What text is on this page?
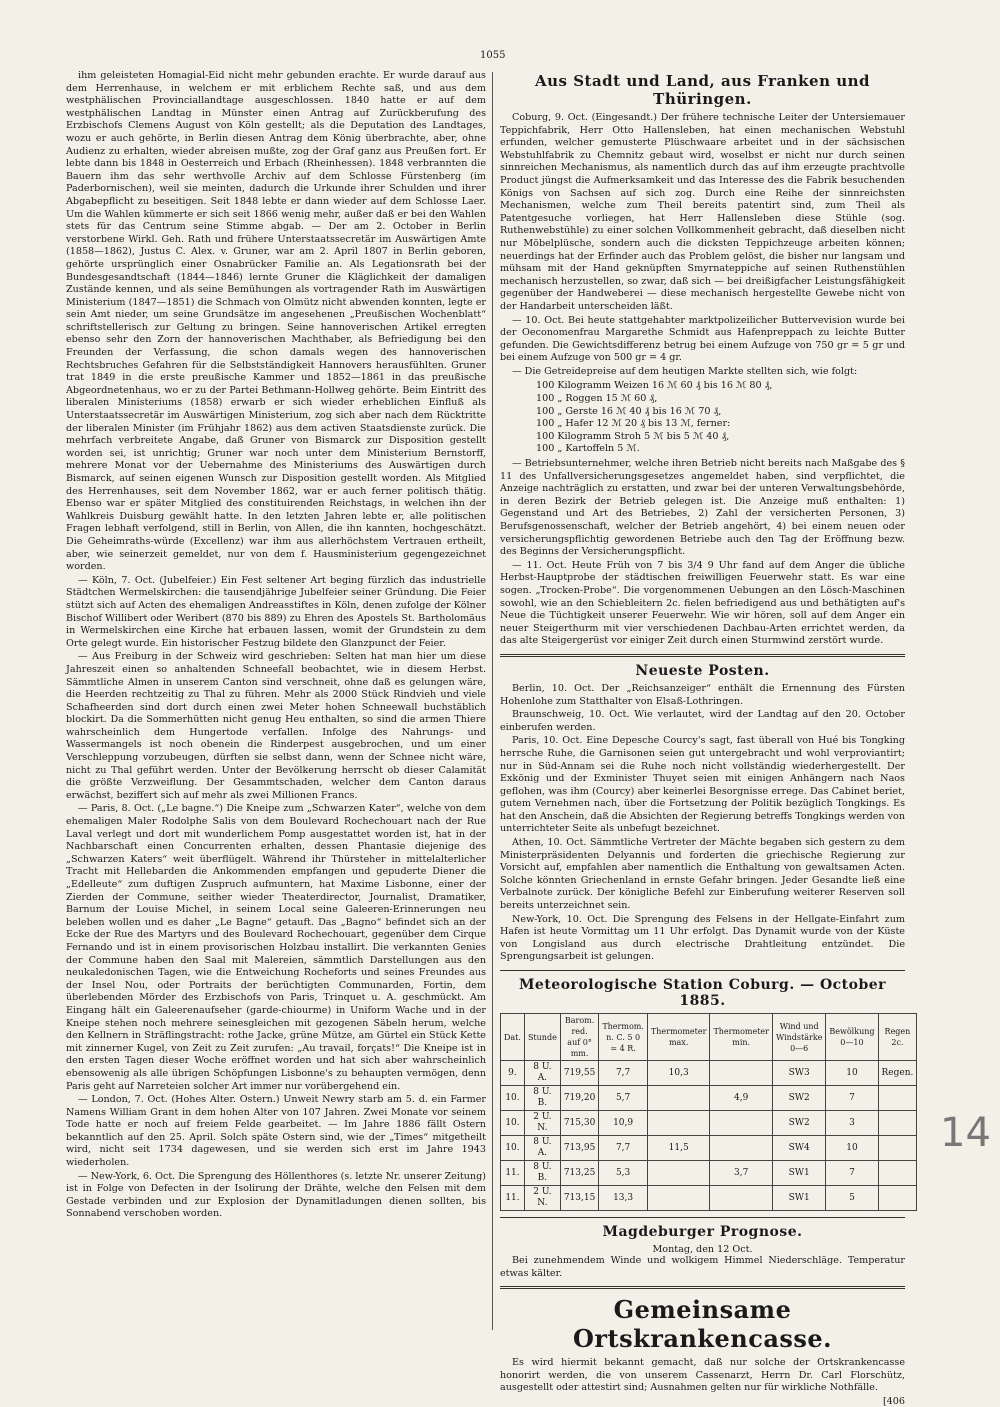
1055

ihm geleisteten Homagial-Eid nicht mehr gebunden erachte. Er wurde darauf aus dem Herrenhause, in welchem er mit erblichem Rechte saß, und aus dem westphälischen Provinciallandtage ausgeschlossen. 1840 hatte er auf dem westphälischen Landtag in Münster einen Antrag auf Zurückberufung des Erzbischofs Clemens August von Köln gestellt; als die Deputation des Landtages, wozu er auch gehörte, in Berlin diesen Antrag dem König überbrachte, aber, ohne Audienz zu erhalten, wieder abreisen mußte, zog der Graf ganz aus Preußen fort. Er lebte dann bis 1848 in Oesterreich und Erbach (Rheinhessen). 1848 verbrannten die Bauern ihm das sehr werthvolle Archiv auf dem Schlosse Fürstenberg (im Paderbornischen), weil sie meinten, dadurch die Urkunde ihrer Schulden und ihrer Abgabepflicht zu beseitigen. Seit 1848 lebte er dann wieder auf dem Schlosse Laer. Um die Wahlen kümmerte er sich seit 1866 wenig mehr, außer daß er bei den Wahlen stets für das Centrum seine Stimme abgab. — Der am 2. October in Berlin verstorbene Wirkl. Geh. Rath und frühere Unterstaatssecretär im Auswärtigen Amte (1858—1862), Justus C. Alex. v. Gruner, war am 2. April 1807 in Berlin geboren, gehörte ursprünglich einer Osnabrücker Familie an. Als Legationsrath bei der Bundesgesandtschaft (1844—1846) lernte Gruner die Kläglichkeit der damaligen Zustände kennen, und als seine Bemühungen als vortragender Rath im Auswärtigen Ministerium (1847—1851) die Schmach von Olmütz nicht abwenden konnten, legte er sein Amt nieder, um seine Grundsätze im angesehenen „Preußischen Wochenblatt“ schriftstellerisch zur Geltung zu bringen. Seine hannoverischen Artikel erregten ebenso sehr den Zorn der hannoverischen Machthaber, als Befriedigung bei den Freunden der Verfassung, die schon damals wegen des hannoverischen Rechtsbruches Gefahren für die Selbstständigkeit Hannovers herausfühlten. Gruner trat 1849 in die erste preußische Kammer und 1852—1861 in das preußische Abgeordnetenhaus, wo er zu der Partei Bethmann-Hollweg gehörte. Beim Eintritt des liberalen Ministeriums (1858) erwarb er sich wieder erheblichen Einfluß als Unterstaatssecretär im Auswärtigen Ministerium, zog sich aber nach dem Rücktritte der liberalen Minister (im Frühjahr 1862) aus dem activen Staatsdienste zurück. Die mehrfach verbreitete Angabe, daß Gruner von Bismarck zur Disposition gestellt worden sei, ist unrichtig; Gruner war noch unter dem Ministerium Bernstorff, mehrere Monat vor der Uebernahme des Ministeriums des Auswärtigen durch Bismarck, auf seinen eigenen Wunsch zur Disposition gestellt worden. Als Mitglied des Herrenhauses, seit dem November 1862, war er auch ferner politisch thätig. Ebenso war er später Mitglied des constituirenden Reichstags, in welchen ihn der Wahlkreis Duisburg gewählt hatte. In den letzten Jahren lebte er, alle politischen Fragen lebhaft verfolgend, still in Berlin, von Allen, die ihn kannten, hochgeschätzt. Die Geheimraths-würde (Excellenz) war ihm aus allerhöchstem Vertrauen ertheilt, aber, wie seinerzeit gemeldet, nur von dem f. Hausministerium gegengezeichnet worden.

— Köln, 7. Oct. (Jubelfeier.) Ein Fest seltener Art beging fürzlich das industrielle Städtchen Wermelskirchen: die tausendjährige Jubelfeier seiner Gründung. Die Feier stützt sich auf Acten des ehemaligen Andreasstiftes in Köln, denen zufolge der Kölner Bischof Willibert oder Weribert (870 bis 889) zu Ehren des Apostels St. Bartholomäus in Wermelskirchen eine Kirche hat erbauen lassen, womit der Grundstein zu dem Orte gelegt wurde. Ein historischer Festzug bildete den Glanzpunct der Feier.

— Aus Freiburg in der Schweiz wird geschrieben: Selten hat man hier um diese Jahreszeit einen so anhaltenden Schneefall beobachtet, wie in diesem Herbst. Sämmtliche Almen in unserem Canton sind verschneit, ohne daß es gelungen wäre, die Heerden rechtzeitig zu Thal zu führen. Mehr als 2000 Stück Rindvieh und viele Schafheerden sind dort durch einen zwei Meter hohen Schneewall buchstäblich blockirt. Da die Sommerhütten nicht genug Heu enthalten, so sind die armen Thiere wahrscheinlich dem Hungertode verfallen. Infolge des Nahrungs- und Wassermangels ist noch obenein die Rinderpest ausgebrochen, und um einer Verschleppung vorzubeugen, dürften sie selbst dann, wenn der Schnee nicht wäre, nicht zu Thal geführt werden. Unter der Bevölkerung herrscht ob dieser Calamität die größte Verzweiflung. Der Gesammtschaden, welcher dem Canton daraus erwächst, beziffert sich auf mehr als zwei Millionen Francs.

— Paris, 8. Oct. („Le bagne.“) Die Kneipe zum „Schwarzen Kater“, welche von dem ehemaligen Maler Rodolphe Salis von dem Boulevard Rochechouart nach der Rue Laval verlegt und dort mit wunderlichem Pomp ausgestattet worden ist, hat in der Nachbarschaft einen Concurrenten erhalten, dessen Phantasie diejenige des „Schwarzen Katers“ weit überflügelt. Während ihr Thürsteher in mittelalterlicher Tracht mit Hellebarden die Ankommenden empfangen und gepuderte Diener die „Edelleute“ zum duftigen Zuspruch aufmuntern, hat Maxime Lisbonne, einer der Zierden der Commune, seither wieder Theaterdirector, Journalist, Dramatiker, Barnum der Louise Michel, in seinem Local seine Galeeren-Erinnerungen neu beleben wollen und es daher „Le Bagne“ getauft. Das „Bagno“ befindet sich an der Ecke der Rue des Martyrs und des Boulevard Rochechouart, gegenüber dem Cirque Fernando und ist in einem provisorischen Holzbau installirt. Die verkannten Genies der Commune haben den Saal mit Malereien, sämmtlich Darstellungen aus den neukaledonischen Tagen, wie die Entweichung Rocheforts und seines Freundes aus der Insel Nou, oder Portraits der berüchtigten Communarden, Fortin, dem überlebenden Mörder des Erzbischofs von Paris, Trinquet u. A. geschmückt. Am Eingang hält ein Galeerenaufseher (garde-chiourme) in Uniform Wache und in der Kneipe stehen noch mehrere seinesgleichen mit gezogenen Säbeln herum, welche den Kellnern in Sträflingstracht: rothe Jacke, grüne Mütze, am Gürtel ein Stück Kette mit zinnerner Kugel, von Zeit zu Zeit zurufen: „Au travail, forçats!“ Die Kneipe ist in den ersten Tagen dieser Woche eröffnet worden und hat sich aber wahrscheinlich ebensowenig als alle übrigen Schöpfungen Lisbonne's zu behaupten vermögen, denn Paris geht auf Narreteien solcher Art immer nur vorübergehend ein.

— London, 7. Oct. (Hohes Alter. Ostern.) Unweit Newry starb am 5. d. ein Farmer Namens William Grant in dem hohen Alter von 107 Jahren. Zwei Monate vor seinem Tode hatte er noch auf freiem Felde gearbeitet. — Im Jahre 1886 fällt Ostern bekanntlich auf den 25. April. Solch späte Ostern sind, wie der „Times“ mitgetheilt wird, nicht seit 1734 dagewesen, und sie werden sich erst im Jahre 1943 wiederholen.

— New-York, 6. Oct. Die Sprengung des Höllenthores (s. letzte Nr. unserer Zeitung) ist in Folge von Defecten in der Isolirung der Drähte, welche den Felsen mit dem Gestade verbinden und zur Explosion der Dynamitladungen dienen sollten, bis Sonnabend verschoben worden.

Aus Stadt und Land, aus Franken und Thüringen.

Coburg, 9. Oct. (Eingesandt.) Der frühere technische Leiter der Untersiemauer Teppichfabrik, Herr Otto Hallensleben, hat einen mechanischen Webstuhl erfunden, welcher gemusterte Plüschwaare arbeitet und in der sächsischen Webstuhlfabrik zu Chemnitz gebaut wird, woselbst er nicht nur durch seinen sinnreichen Mechanismus, als namentlich durch das auf ihm erzeugte prachtvolle Product jüngst die Aufmerksamkeit und das Interesse des die Fabrik besuchenden Königs von Sachsen auf sich zog. Durch eine Reihe der sinnreichsten Mechanismen, welche zum Theil bereits patentirt sind, zum Theil als Patentgesuche vorliegen, hat Herr Hallensleben diese Stühle (sog. Ruthenwebstühle) zu einer solchen Vollkommenheit gebracht, daß dieselben nicht nur Möbelplüsche, sondern auch die dicksten Teppichzeuge arbeiten können; neuerdings hat der Erfinder auch das Problem gelöst, die bisher nur langsam und mühsam mit der Hand geknüpften Smyrnateppiche auf seinen Ruthenstühlen mechanisch herzustellen, so zwar, daß sich — bei dreißigfacher Leistungsfähigkeit gegenüber der Handweberei — diese mechanisch hergestellte Gewebe nicht von der Handarbeit unterscheiden läßt.

— 10. Oct. Bei heute stattgehabter marktpolizeilicher Buttervevision wurde bei der Oeconomenfrau Margarethe Schmidt aus Hafenpreppach zu leichte Butter gefunden. Die Gewichtsdifferenz betrug bei einem Aufzuge von 750 gr = 5 gr und bei einem Aufzuge von 500 gr = 4 gr.

— Die Getreidepreise auf dem heutigen Markte stellten sich, wie folgt:

100 Kilogramm Weizen 16 ℳ 60 ₰ bis 16 ℳ 80 ₰,
100 „ Roggen 15 ℳ 60 ₰,
100 „ Gerste 16 ℳ 40 ₰ bis 16 ℳ 70 ₰,
100 „ Hafer 12 ℳ 20 ₰ bis 13 ℳ, ferner:
100 Kilogramm Stroh 5 ℳ bis 5 ℳ 40 ₰,
100 „ Kartoffeln 5 ℳ.

— Betriebsunternehmer, welche ihren Betrieb nicht bereits nach Maßgabe des § 11 des Unfallversicherungsgesetzes angemeldet haben, sind verpflichtet, die Anzeige nachträglich zu erstatten, und zwar bei der unteren Verwaltungsbehörde, in deren Bezirk der Betrieb gelegen ist. Die Anzeige muß enthalten: 1) Gegenstand und Art des Betriebes, 2) Zahl der versicherten Personen, 3) Berufsgenossenschaft, welcher der Betrieb angehört, 4) bei einem neuen oder versicherungspflichtig gewordenen Betriebe auch den Tag der Eröffnung bezw. des Beginns der Versicherungspflicht.

— 11. Oct. Heute Früh von 7 bis 3/4 9 Uhr fand auf dem Anger die übliche Herbst-Hauptprobe der städtischen freiwilligen Feuerwehr statt. Es war eine sogen. „Trocken-Probe“. Die vorgenommenen Uebungen an den Lösch-Maschinen sowohl, wie an den Schiebleitern 2c. fielen befriedigend aus und bethätigten auf's Neue die Tüchtigkeit unserer Feuerwehr. Wie wir hören, soll auf dem Anger ein neuer Steigerthurm mit vier verschiedenen Dachbau-Arten errichtet werden, da das alte Steigergerüst vor einiger Zeit durch einen Sturmwind zerstört wurde.

Neueste Posten.

Berlin, 10. Oct. Der „Reichsanzeiger“ enthält die Ernennung des Fürsten Hohenlohe zum Statthalter von Elsaß-Lothringen.

Braunschweig, 10. Oct. Wie verlautet, wird der Landtag auf den 20. October einberufen werden.

Paris, 10. Oct. Eine Depesche Courcy's sagt, fast überall von Hué bis Tongking herrsche Ruhe, die Garnisonen seien gut untergebracht und wohl verproviantirt; nur in Süd-Annam sei die Ruhe noch nicht vollständig wiederhergestellt. Der Exkönig und der Exminister Thuyet seien mit einigen Anhängern nach Naos geflohen, was ihm (Courcy) aber keinerlei Besorgnisse errege. Das Cabinet beriet, gutem Vernehmen nach, über die Fortsetzung der Politik bezüglich Tongkings. Es hat den Anschein, daß die Absichten der Regierung betreffs Tongkings werden von unterrichteter Seite als unbefugt bezeichnet.

Athen, 10. Oct. Sämmtliche Vertreter der Mächte begaben sich gestern zu dem Ministerpräsidenten Delyannis und forderten die griechische Regierung zur Vorsicht auf, empfahlen aber namentlich die Enthaltung von gewaltsamen Acten. Solche könnten Griechenland in ernste Gefahr bringen. Jeder Gesandte ließ eine Verbalnote zurück. Der königliche Befehl zur Einberufung weiterer Reserven soll bereits unterzeichnet sein.

New-York, 10. Oct. Die Sprengung des Felsens in der Hellgate-Einfahrt zum Hafen ist heute Vormittag um 11 Uhr erfolgt. Das Dynamit wurde von der Küste von Longisland aus durch electrische Drahtleitung entzündet. Die Sprengungsarbeit ist gelungen.

Meteorologische Station Coburg. — October 1885.
Dat.	Stunde	Barom. red. auf 0° mm.	Thermom. n. C. 5 0 = 4 R.	Thermometer max.	Thermometer min.	Wind und Windstärke 0—6	Bewölkung 0—10	Regen 2c.
9.	8 U. A.	719,55	7,7	10,3		SW3	10	Regen.
10.	8 U. B.	719,20	5,7		4,9	SW2	7	
10.	2 U. N.	715,30	10,9			SW2	3	
10.	8 U. A.	713,95	7,7	11,5		SW4	10	
11.	8 U. B.	713,25	5,3		3,7	SW1	7	
11.	2 U. N.	713,15	13,3			SW1	5	
Magdeburger Prognose.
Montag, den 12 Oct.

Bei zunehmendem Winde und wolkigem Himmel Niederschläge. Temperatur etwas kälter.

Gemeinsame Ortskrankencasse.

Es wird hiermit bekannt gemacht, daß nur solche der Ortskrankencasse honorirt werden, die von unserem Cassenarzt, Herrn Dr. Carl Florschütz, ausgestellt oder attestirt sind; Ausnahmen gelten nur für wirkliche Nothfälle.

[406
14
